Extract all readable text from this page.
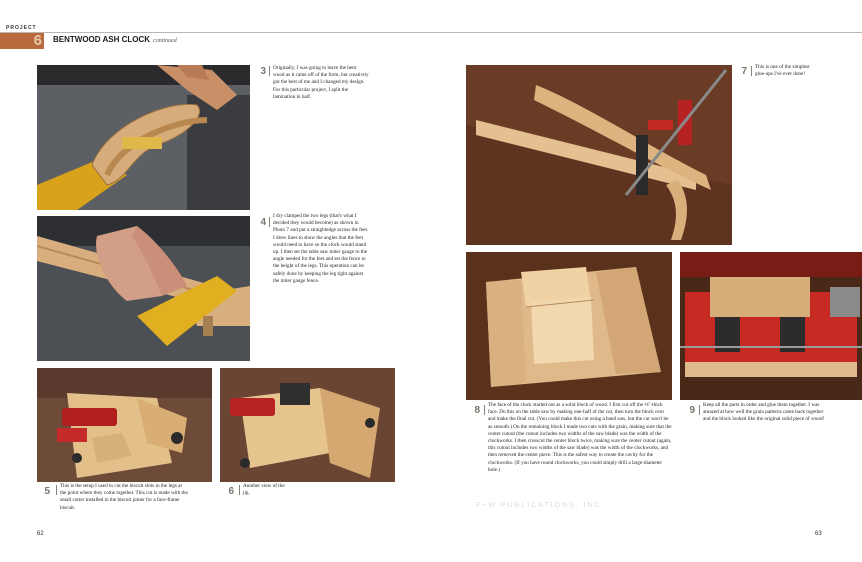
PROJECT
6 BENTWOOD ASH CLOCK continued
3 Originally, I was going to leave the bent wood as it came off of the form, but creativity got the best of me and I changed my design. For this particular project, I split the lamination in half.
4
I dry clamped the two legs (that's what I decided they would become) as shown in Photo 7 and put a straightedge across the feet. I drew lines to show the angles that the feet would need to have so the clock would stand up. I then set the table saw miter gauge to the angle needed for the feet and set the fence to the height of the legs. This operation can be safely done by keeping the leg tight against the miter gauge fence.
5 This is the setup I used to cut the biscuit slots in the legs at the point where they come together. This cut is made with the small cutter installed in the biscuit joiner for a face-frame biscuit.
6 Another view of the jig.
7 This is one of the simplest glue-ups I've ever done!
8 The face of the clock started out as a solid block of wood. I first cut off the ⅛"-thick face. Do this on the table saw by making one-half of the cut, then turn the block over and make the final cut. (You could make this cut using a band saw, but the cut won't be as smooth.) On the remaining block I made two cuts with the grain, making sure that the center cutout (the cutout includes two widths of the saw blade) was the width of the clockworks. I then crosscut the center block twice, making sure the center cutout (again, this cutout includes two widths of the saw blade) was the width of the clockworks, and then removed the center piece. This is the safest way to create the cavity for the clockworks. (If you have round clockworks, you could simply drill a large-diameter hole.)
9 Keep all the parts in order and glue them together. I was amazed at how well the grain patterns came back together and the block looked like the original solid piece of wood!
F+W PUBLICATIONS, INC.
62	63
